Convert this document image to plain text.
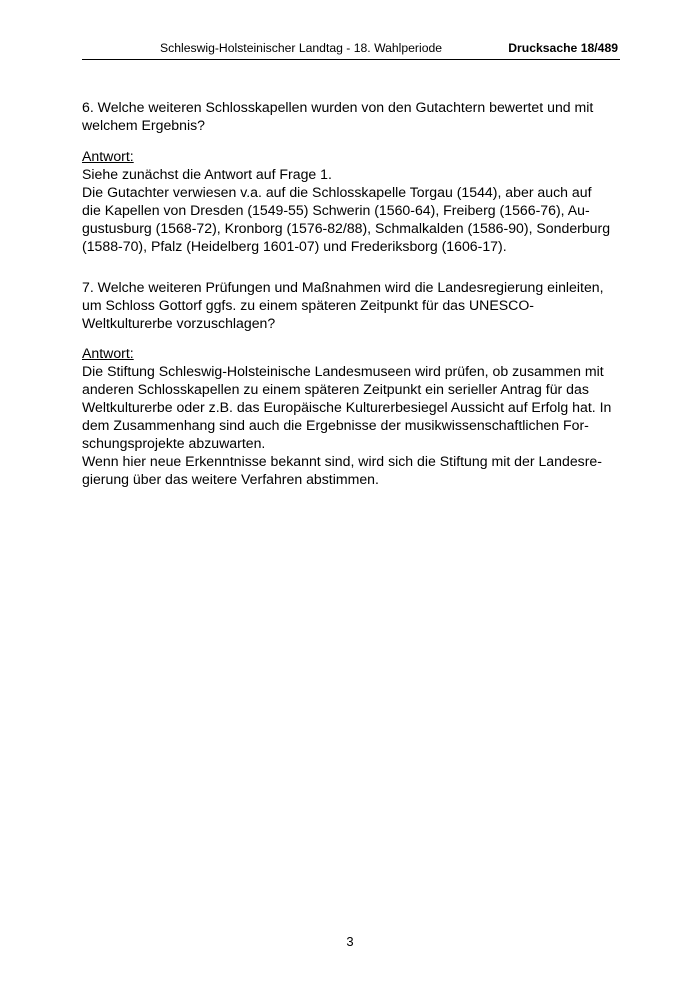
Schleswig-Holsteinischer Landtag - 18. Wahlperiode	Drucksache 18/489
6. Welche weiteren Schlosskapellen wurden von den Gutachtern bewertet und mit
welchem Ergebnis?
Antwort:
Siehe zunächst die Antwort auf Frage 1.
Die Gutachter verwiesen v.a. auf die Schlosskapelle Torgau (1544), aber auch auf
die Kapellen von Dresden (1549-55) Schwerin (1560-64), Freiberg (1566-76), Au-
gustusburg (1568-72), Kronborg (1576-82/88), Schmalkalden (1586-90), Sonderburg
(1588-70), Pfalz (Heidelberg 1601-07) und Frederiksborg (1606-17).
7. Welche weiteren Prüfungen und Maßnahmen wird die Landesregierung einleiten,
um Schloss Gottorf ggfs. zu einem späteren Zeitpunkt für das UNESCO-
Weltkulturerbe vorzuschlagen?
Antwort:
Die Stiftung Schleswig-Holsteinische Landesmuseen wird prüfen, ob zusammen mit
anderen Schlosskapellen zu einem späteren Zeitpunkt ein serieller Antrag für das
Weltkulturerbe oder z.B. das Europäische Kulturerbesiegel Aussicht auf Erfolg hat. In
dem Zusammenhang sind auch die Ergebnisse der musikwissenschaftlichen For-
schungsprojekte abzuwarten.
Wenn hier neue Erkenntnisse bekannt sind, wird sich die Stiftung mit der Landesre-
gierung über das weitere Verfahren abstimmen.
3
